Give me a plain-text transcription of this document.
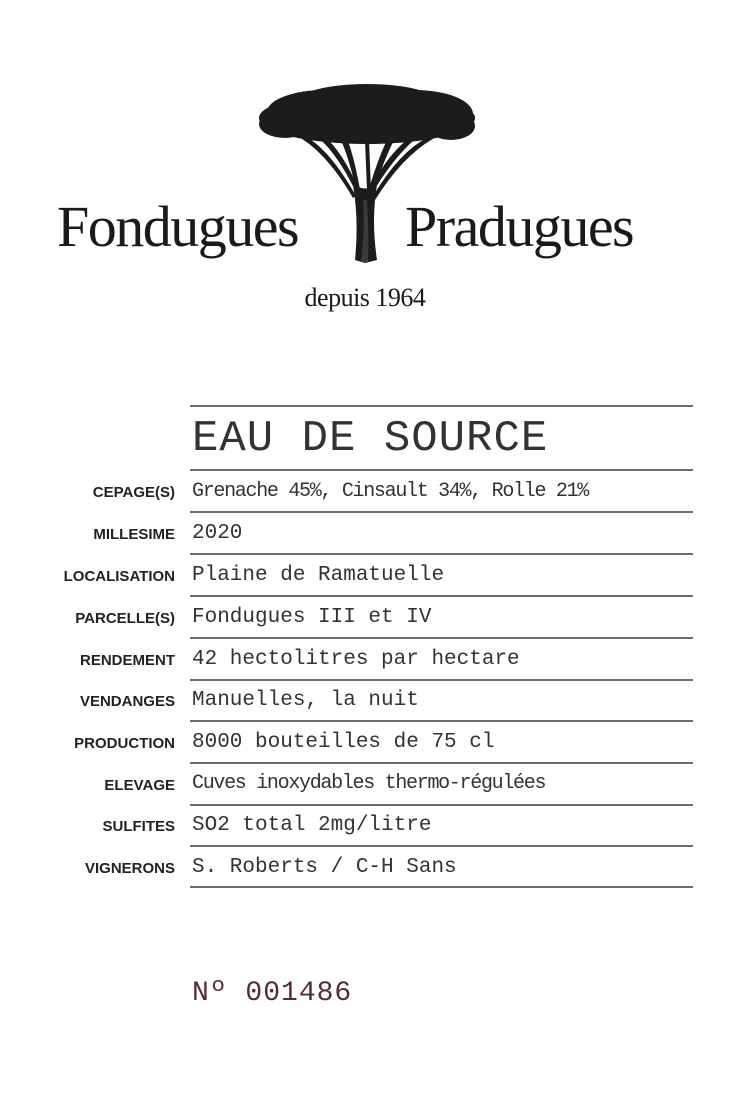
Fondugues Pradugues
depuis 1964
EAU DE SOURCE
CEPAGE(S) Grenache 45%, Cinsault 34%, Rolle 21%
MILLESIME 2020
LOCALISATION Plaine de Ramatuelle
PARCELLE(S) Fondugues III et IV
RENDEMENT 42 hectolitres par hectare
VENDANGES Manuelles, la nuit
PRODUCTION 8000 bouteilles de 75 cl
ELEVAGE Cuves inoxydables thermo-régulées
SULFITES SO2 total 2mg/litre
VIGNERONS S. Roberts / C-H Sans
Nº 001486
